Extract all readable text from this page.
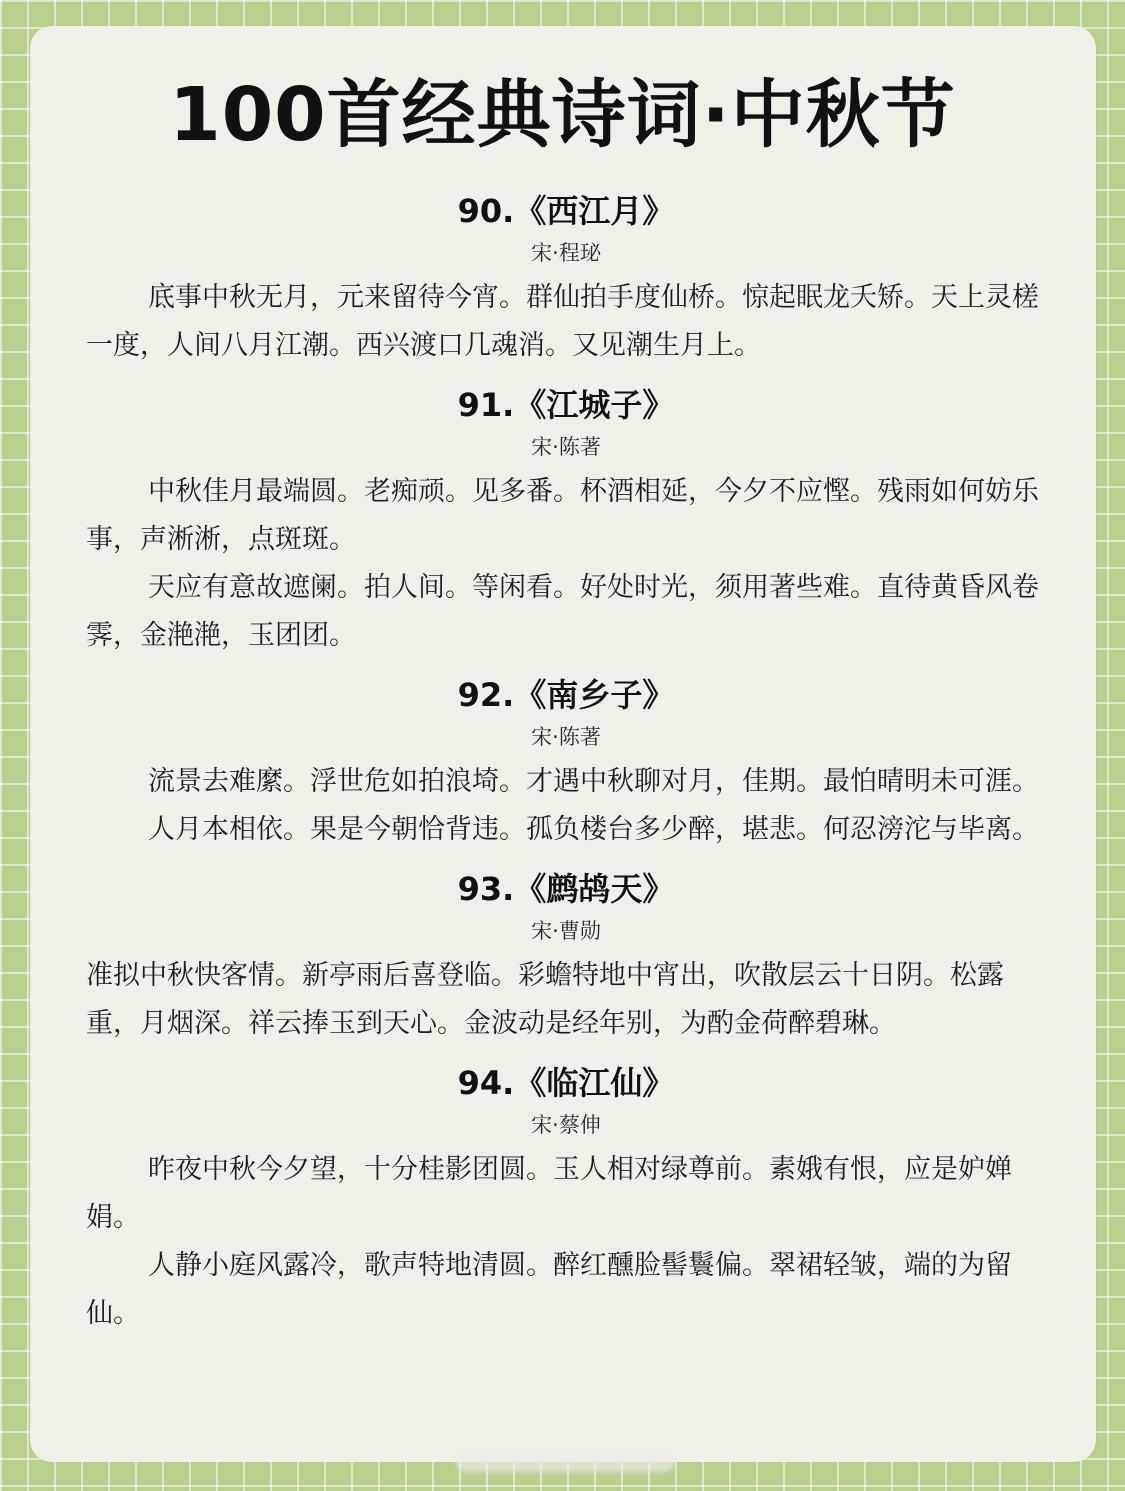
100首经典诗词·中秋节
90.《西江月》
宋·程珌

底事中秋无月，元来留待今宵。群仙拍手度仙桥。惊起眠龙夭矫。天上灵槎一度，人间八月江潮。西兴渡口几魂消。又见潮生月上。

91.《江城子》
宋·陈著

中秋佳月最端圆。老痴顽。见多番。杯酒相延，今夕不应慳。残雨如何妨乐事，声淅淅，点斑斑。

天应有意故遮阑。拍人间。等闲看。好处时光，须用著些难。直待黄昏风卷霁，金滟滟，玉团团。

92.《南乡子》
宋·陈著

流景去难縻。浮世危如拍浪埼。才遇中秋聊对月，佳期。最怕晴明未可涯。

人月本相依。果是今朝恰背违。孤负楼台多少醉，堪悲。何忍滂沱与毕离。

93.《鹧鸪天》
宋·曹勋

准拟中秋快客情。新亭雨后喜登临。彩蟾特地中宵出，吹散层云十日阴。松露重，月烟深。祥云捧玉到天心。金波动是经年别，为酌金荷醉碧琳。

94.《临江仙》
宋·蔡伸

昨夜中秋今夕望，十分桂影团圆。玉人相对绿尊前。素娥有恨，应是妒婵娟。

人静小庭风露冷，歌声特地清圆。醉红醺脸髻鬟偏。翠裙轻皱，端的为留仙。
